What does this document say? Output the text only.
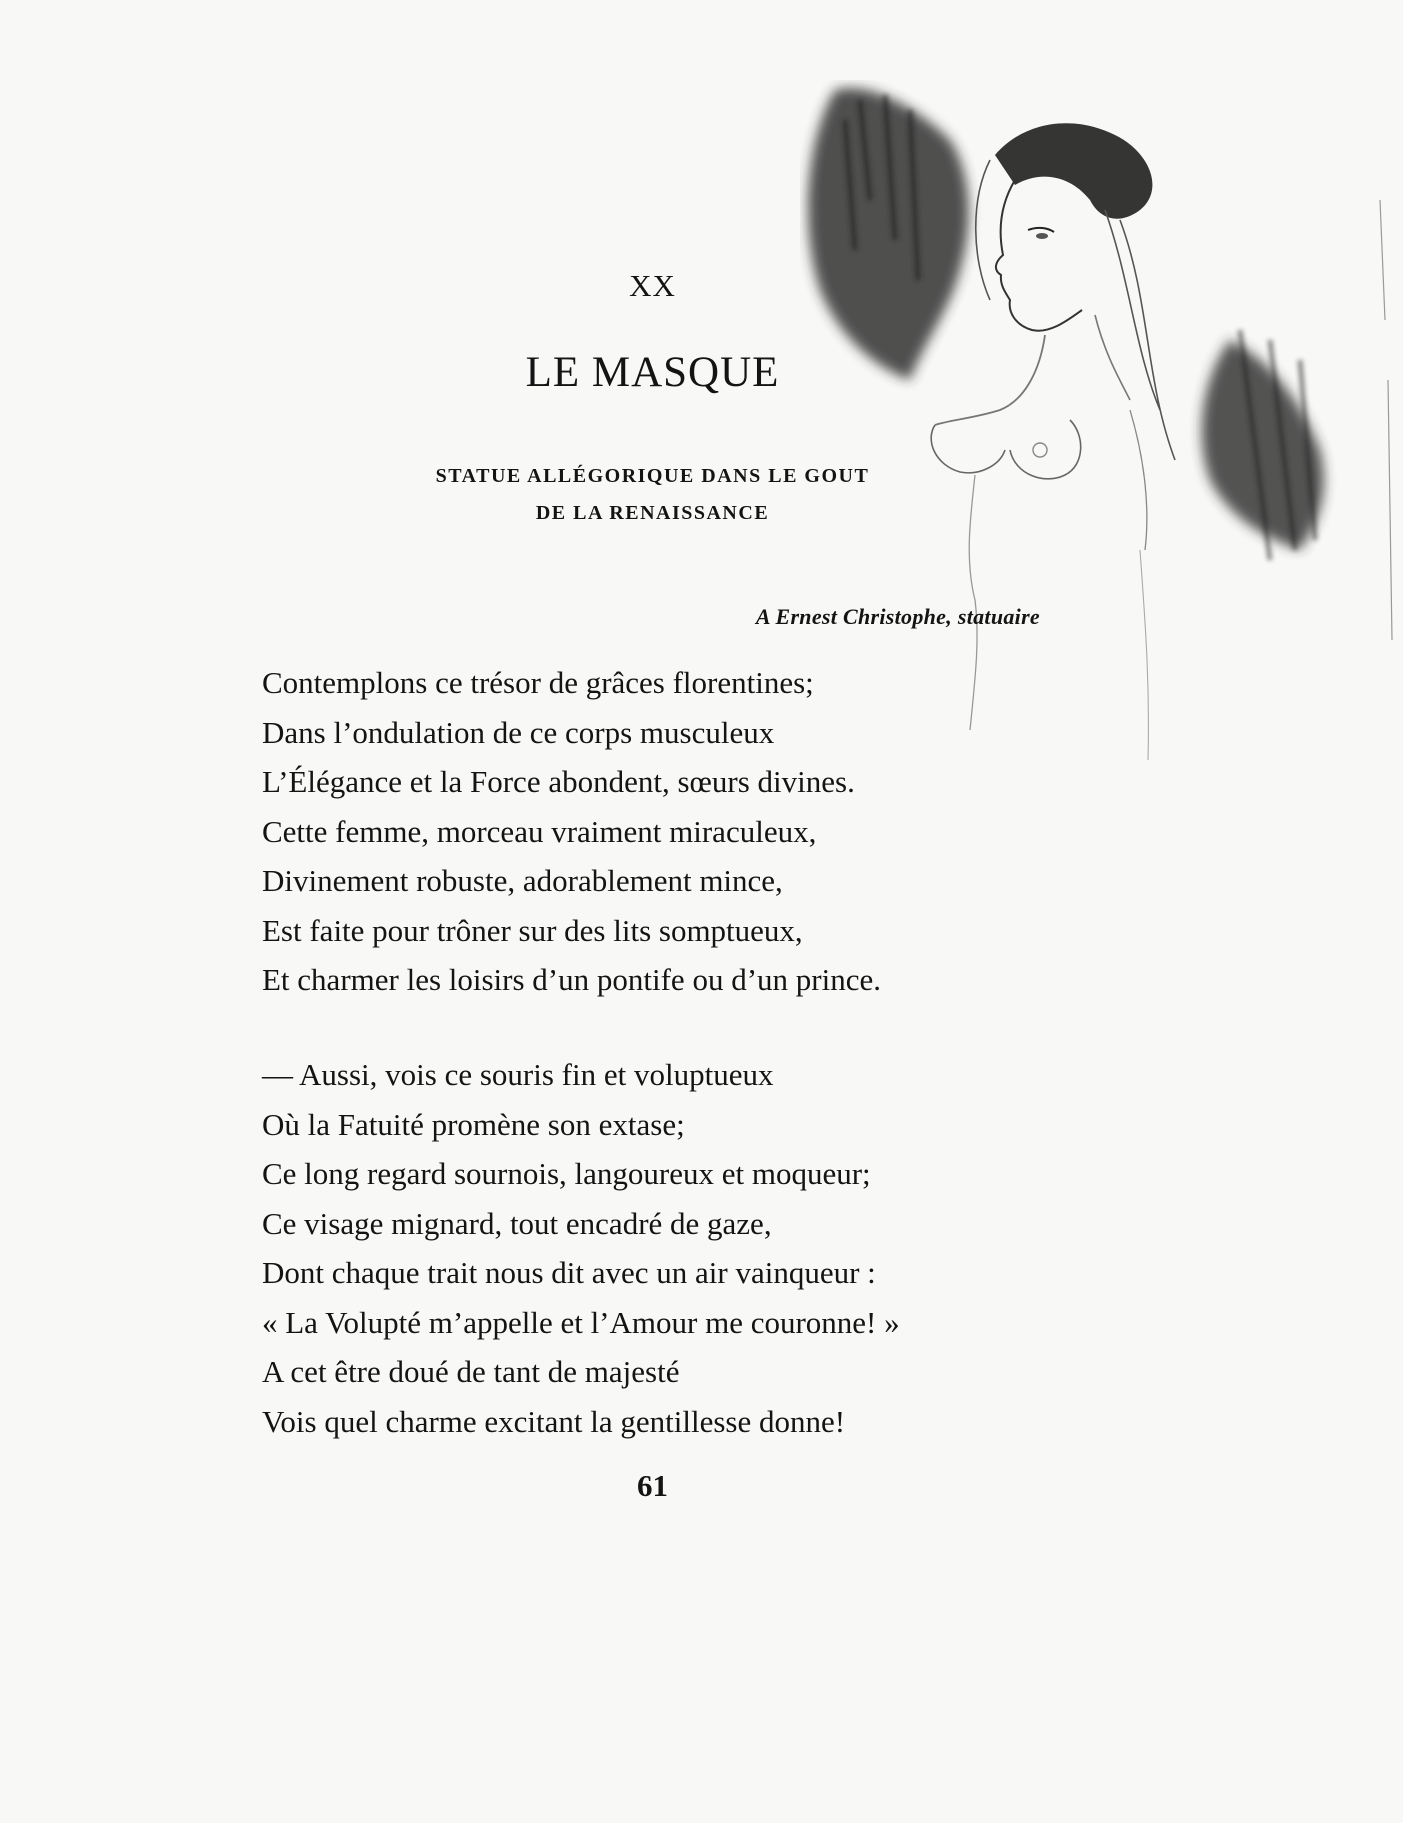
XX
LE MASQUE
STATUE ALLÉGORIQUE DANS LE GOUT
DE LA RENAISSANCE
A Ernest Christophe, statuaire
Contemplons ce trésor de grâces florentines;
Dans l’ondulation de ce corps musculeux
L’Élégance et la Force abondent, sœurs divines.
Cette femme, morceau vraiment miraculeux,
Divinement robuste, adorablement mince,
Est faite pour trôner sur des lits somptueux,
Et charmer les loisirs d’un pontife ou d’un prince.
— Aussi, vois ce souris fin et voluptueux
Où la Fatuité promène son extase;
Ce long regard sournois, langoureux et moqueur;
Ce visage mignard, tout encadré de gaze,
Dont chaque trait nous dit avec un air vainqueur :
« La Volupté m’appelle et l’Amour me couronne! »
A cet être doué de tant de majesté
Vois quel charme excitant la gentillesse donne!
61
